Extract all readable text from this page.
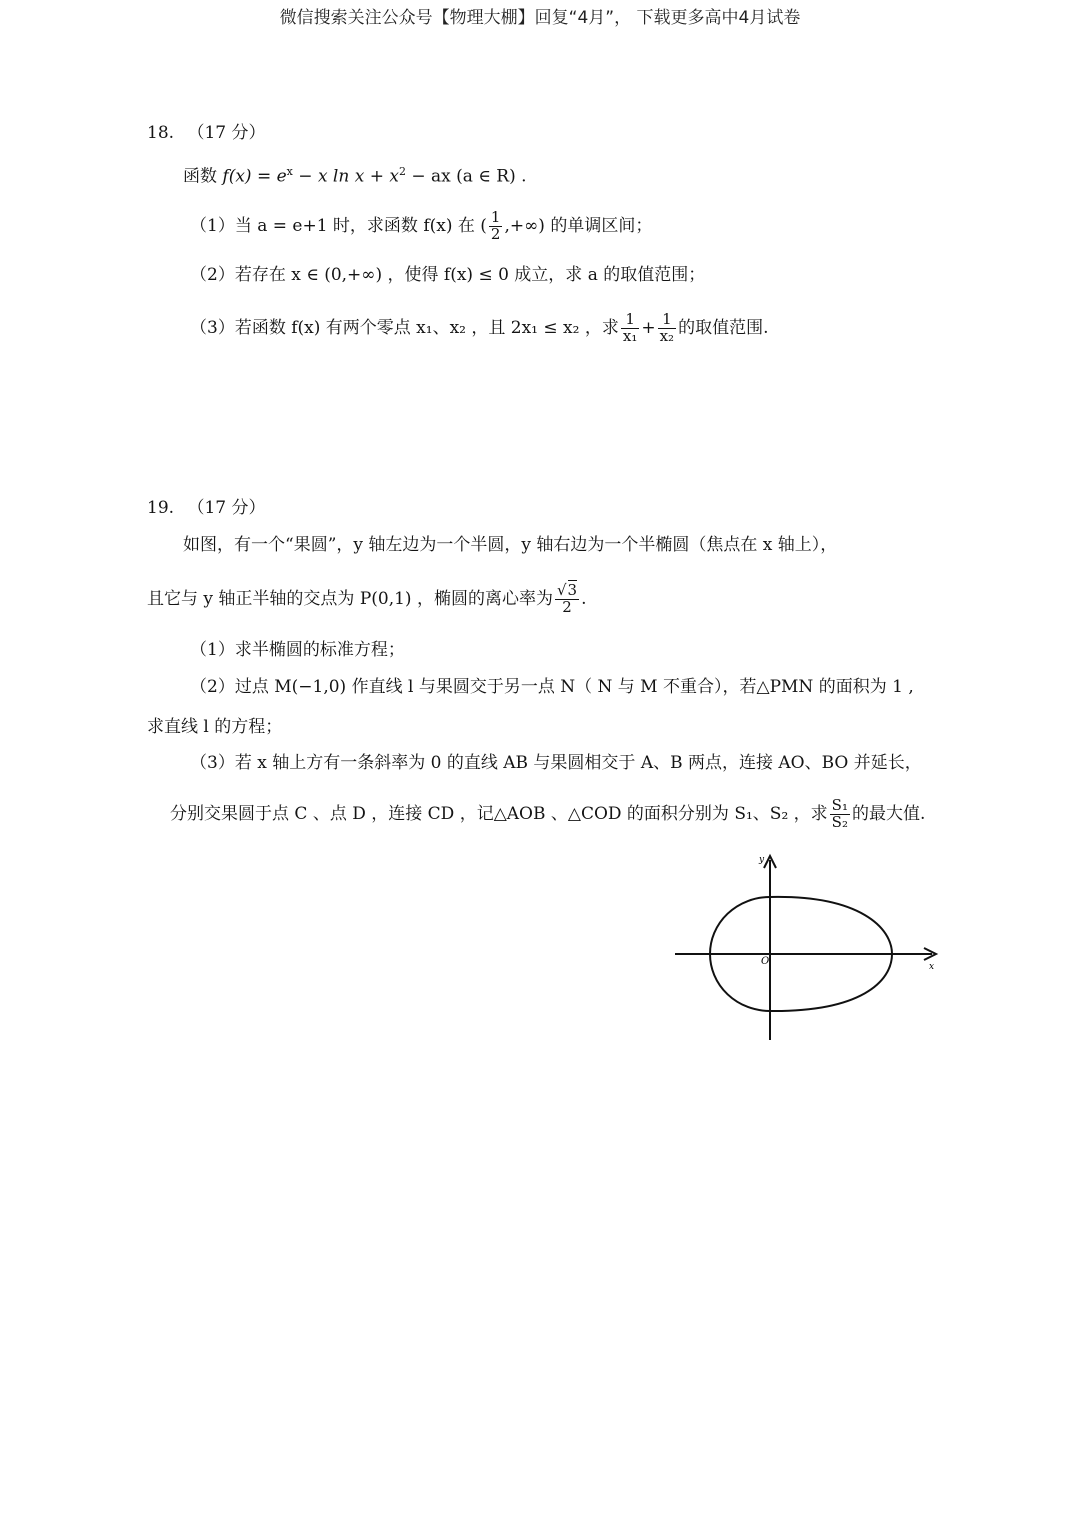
微信搜索关注公众号【物理大棚】回复“4月”， 下载更多高中4月试卷
18. （17 分）
函数 $f(x) = e^x - x$ $\ln x + x^2$ − ax (a ∈ R) .
（1）当 a = e+1 时，求函数 f(x) 在 ( $\frac{1}{2}$ ,+∞) 的单调区间；
（2）若存在 x ∈ (0,+∞) ，使得 f(x) ≤ 0 成立，求 a 的取值范围；
（3）若函数 f(x) 有两个零点 x₁、x₂ ，且 2x₁ ≤ x₂ ，求 $\frac{1}{\text{x₁}} + \frac{1}{\text{x₂}}$ 的取值范围.
19. （17 分）
如图，有一个“果圆”，y 轴左边为一个半圆，y 轴右边为一个半椭圆（焦点在 x 轴上），
且它与 y 轴正半轴的交点为 P(0,1) ，椭圆的离心率为 $\frac{√3}{2}$ .
（1）求半椭圆的标准方程；
（2）过点 M(−1,0) 作直线 l 与果圆交于另一点 N（ N 与 M 不重合），若△PMN 的面积为 1 ,
求直线 l 的方程；
（3）若 x 轴上方有一条斜率为 0 的直线 AB 与果圆相交于 A、B 两点，连接 AO、BO 并延长，
分别交果圆于点 C 、点 D ，连接 CD ，记△AOB 、△COD 的面积分别为 S₁、S₂ ，求 $\frac{\text{S₁}}{\text{S₂}}$ 的最大值.
O	x
y
